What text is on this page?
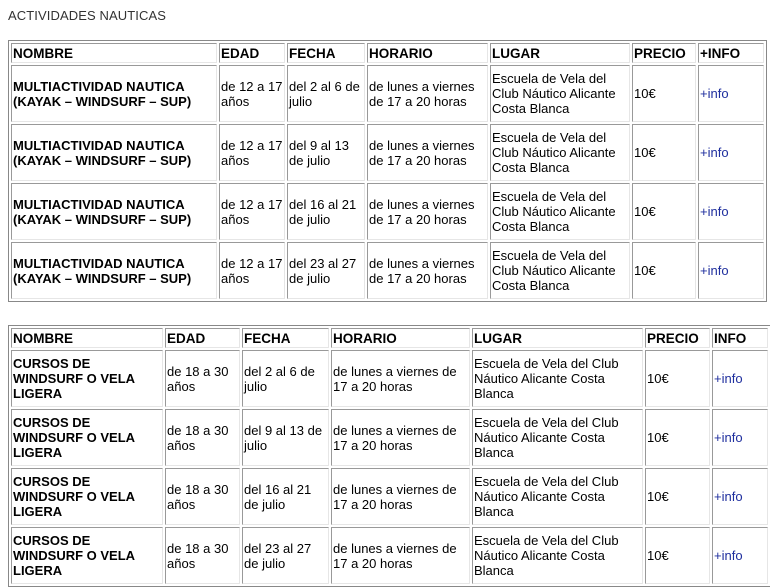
ACTIVIDADES NAUTICAS
NOMBRE	EDAD	FECHA	HORARIO	LUGAR	PRECIO	+INFO
MULTIACTIVIDAD NAUTICA (KAYAK – WINDSURF – SUP)	de 12 a 17 años	del 2 al 6 de julio	de lunes a viernes de 17 a 20 horas	Escuela de Vela del Club Náutico Alicante Costa Blanca	10€	+info
MULTIACTIVIDAD NAUTICA (KAYAK – WINDSURF – SUP)	de 12 a 17 años	del 9 al 13 de julio	de lunes a viernes de 17 a 20 horas	Escuela de Vela del Club Náutico Alicante Costa Blanca	10€	+info
MULTIACTIVIDAD NAUTICA (KAYAK – WINDSURF – SUP)	de 12 a 17 años	del 16 al 21 de julio	de lunes a viernes de 17 a 20 horas	Escuela de Vela del Club Náutico Alicante Costa Blanca	10€	+info
MULTIACTIVIDAD NAUTICA (KAYAK – WINDSURF – SUP)	de 12 a 17 años	del 23 al 27 de julio	de lunes a viernes de 17 a 20 horas	Escuela de Vela del Club Náutico Alicante Costa Blanca	10€	+info
NOMBRE	EDAD	FECHA	HORARIO	LUGAR	PRECIO	INFO
CURSOS DE WINDSURF O VELA LIGERA	de 18 a 30 años	del 2 al 6 de julio	de lunes a viernes de 17 a 20 horas	Escuela de Vela del Club Náutico Alicante Costa Blanca	10€	+info
CURSOS DE WINDSURF O VELA LIGERA	de 18 a 30 años	del 9 al 13 de julio	de lunes a viernes de 17 a 20 horas	Escuela de Vela del Club Náutico Alicante Costa Blanca	10€	+info
CURSOS DE WINDSURF O VELA LIGERA	de 18 a 30 años	del 16 al 21 de julio	de lunes a viernes de 17 a 20 horas	Escuela de Vela del Club Náutico Alicante Costa Blanca	10€	+info
CURSOS DE WINDSURF O VELA LIGERA	de 18 a 30 años	del 23 al 27 de julio	de lunes a viernes de 17 a 20 horas	Escuela de Vela del Club Náutico Alicante Costa Blanca	10€	+info
